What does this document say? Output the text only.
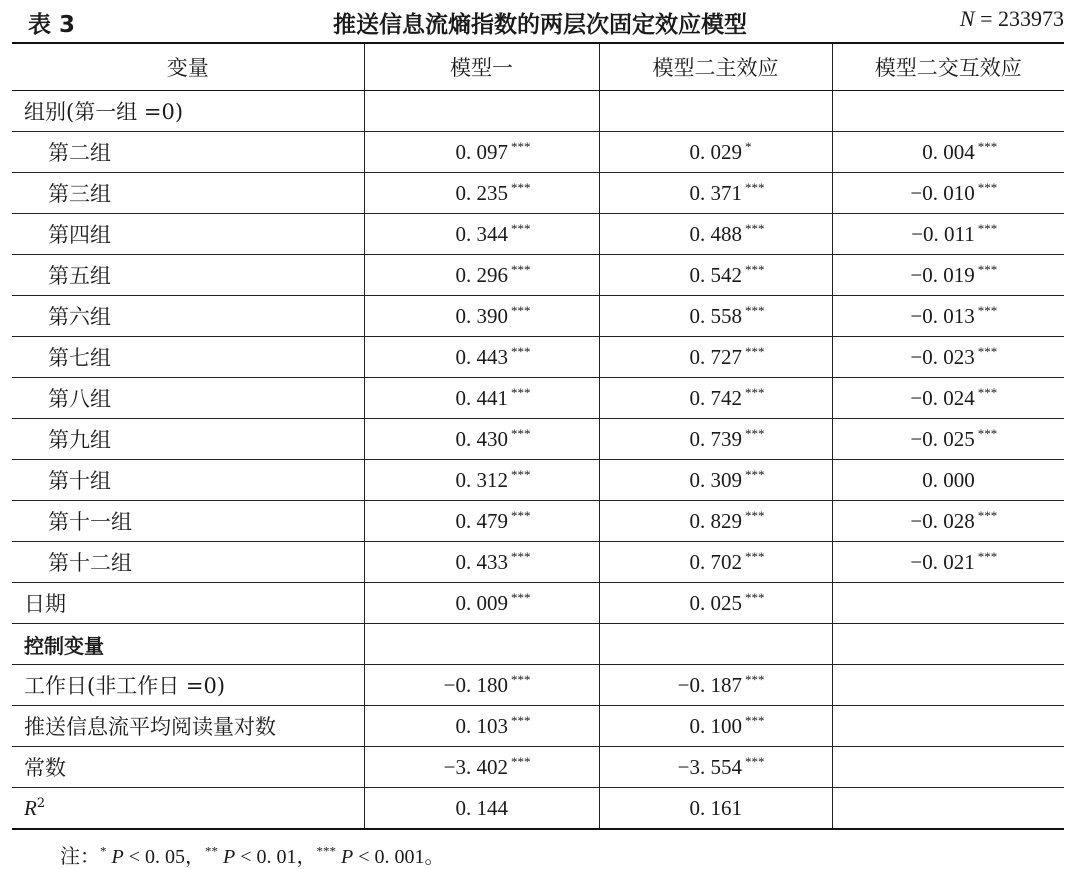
表 3	推送信息流熵指数的两层次固定效应模型	N = 233973
变量	模型一	模型二主效应	模型二交互效应
组别(第一组 =0)			
第二组	0. 097 ***	0. 029 *	0. 004 ***
第三组	0. 235 ***	0. 371 ***	−0. 010 ***
第四组	0. 344 ***	0. 488 ***	−0. 011 ***
第五组	0. 296 ***	0. 542 ***	−0. 019 ***
第六组	0. 390 ***	0. 558 ***	−0. 013 ***
第七组	0. 443 ***	0. 727 ***	−0. 023 ***
第八组	0. 441 ***	0. 742 ***	−0. 024 ***
第九组	0. 430 ***	0. 739 ***	−0. 025 ***
第十组	0. 312 ***	0. 309 ***	0. 000
第十一组	0. 479 ***	0. 829 ***	−0. 028 ***
第十二组	0. 433 ***	0. 702 ***	−0. 021 ***
日期	0. 009 ***	0. 025 ***	
控制变量			
工作日(非工作日 =0)	−0. 180 ***	−0. 187 ***	
推送信息流平均阅读量对数	0. 103 ***	0. 100 ***	
常数	−3. 402 ***	−3. 554 ***	
$R^2$	0. 144	0. 161	
注：* P < 0. 05，** P < 0. 01，*** P < 0. 001。
